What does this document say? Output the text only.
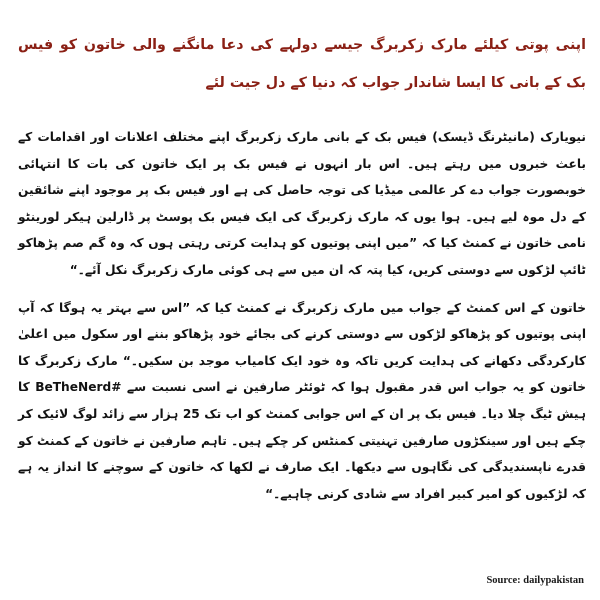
اپنی پوتی کیلئے مارک زکربرگ جیسے دولہے کی دعا مانگنے والی خاتون کو فیس بک کے بانی کا ایسا شاندار جواب کہ دنیا کے دل جیت لئے

نیویارک (مانیٹرنگ ڈیسک) فیس بک کے بانی مارک زکربرگ اپنے مختلف اعلانات اور اقدامات کے باعث خبروں میں رہتے ہیں۔ اس بار انہوں نے فیس بک پر ایک خاتون کی بات کا انتہائی خوبصورت جواب دے کر عالمی میڈیا کی توجہ حاصل کی ہے اور فیس بک پر موجود اپنے شائقین کے دل موہ لیے ہیں۔ ہوا یوں کہ مارک زکربرگ کی ایک فیس بک پوسٹ پر ڈارلین ہیکر لورینٹو نامی خاتون نے کمنٹ کیا کہ ”میں اپنی پوتیوں کو ہدایت کرتی رہتی ہوں کہ وہ گم صم پڑھاکو ٹائپ لڑکوں سے دوستی کریں، کیا پتہ کہ ان میں سے ہی کوئی مارک زکربرگ نکل آئے۔“

خاتون کے اس کمنٹ کے جواب میں مارک زکربرگ نے کمنٹ کیا کہ ”اس سے بہتر یہ ہوگا کہ آپ اپنی پوتیوں کو پڑھاکو لڑکوں سے دوستی کرنے کی بجائے خود پڑھاکو بننے اور سکول میں اعلیٰ کارکردگی دکھانے کی ہدایت کریں تاکہ وہ خود ایک کامیاب موجد بن سکیں۔“ مارک زکربرگ کا خاتون کو یہ جواب اس قدر مقبول ہوا کہ ٹوئٹر صارفین نے اسی نسبت سے #BeTheNerd کا ہیش ٹیگ چلا دیا۔ فیس بک پر ان کے اس جوابی کمنٹ کو اب تک 25 ہزار سے زائد لوگ لائیک کر چکے ہیں اور سینکڑوں صارفین تہنیتی کمنٹس کر چکے ہیں۔ تاہم صارفین نے خاتون کے کمنٹ کو قدرے ناپسندیدگی کی نگاہوں سے دیکھا۔ ایک صارف نے لکھا کہ خاتون کے سوچنے کا انداز یہ ہے کہ لڑکیوں کو امیر کبیر افراد سے شادی کرنی چاہیے۔“

Source: dailypakistan
